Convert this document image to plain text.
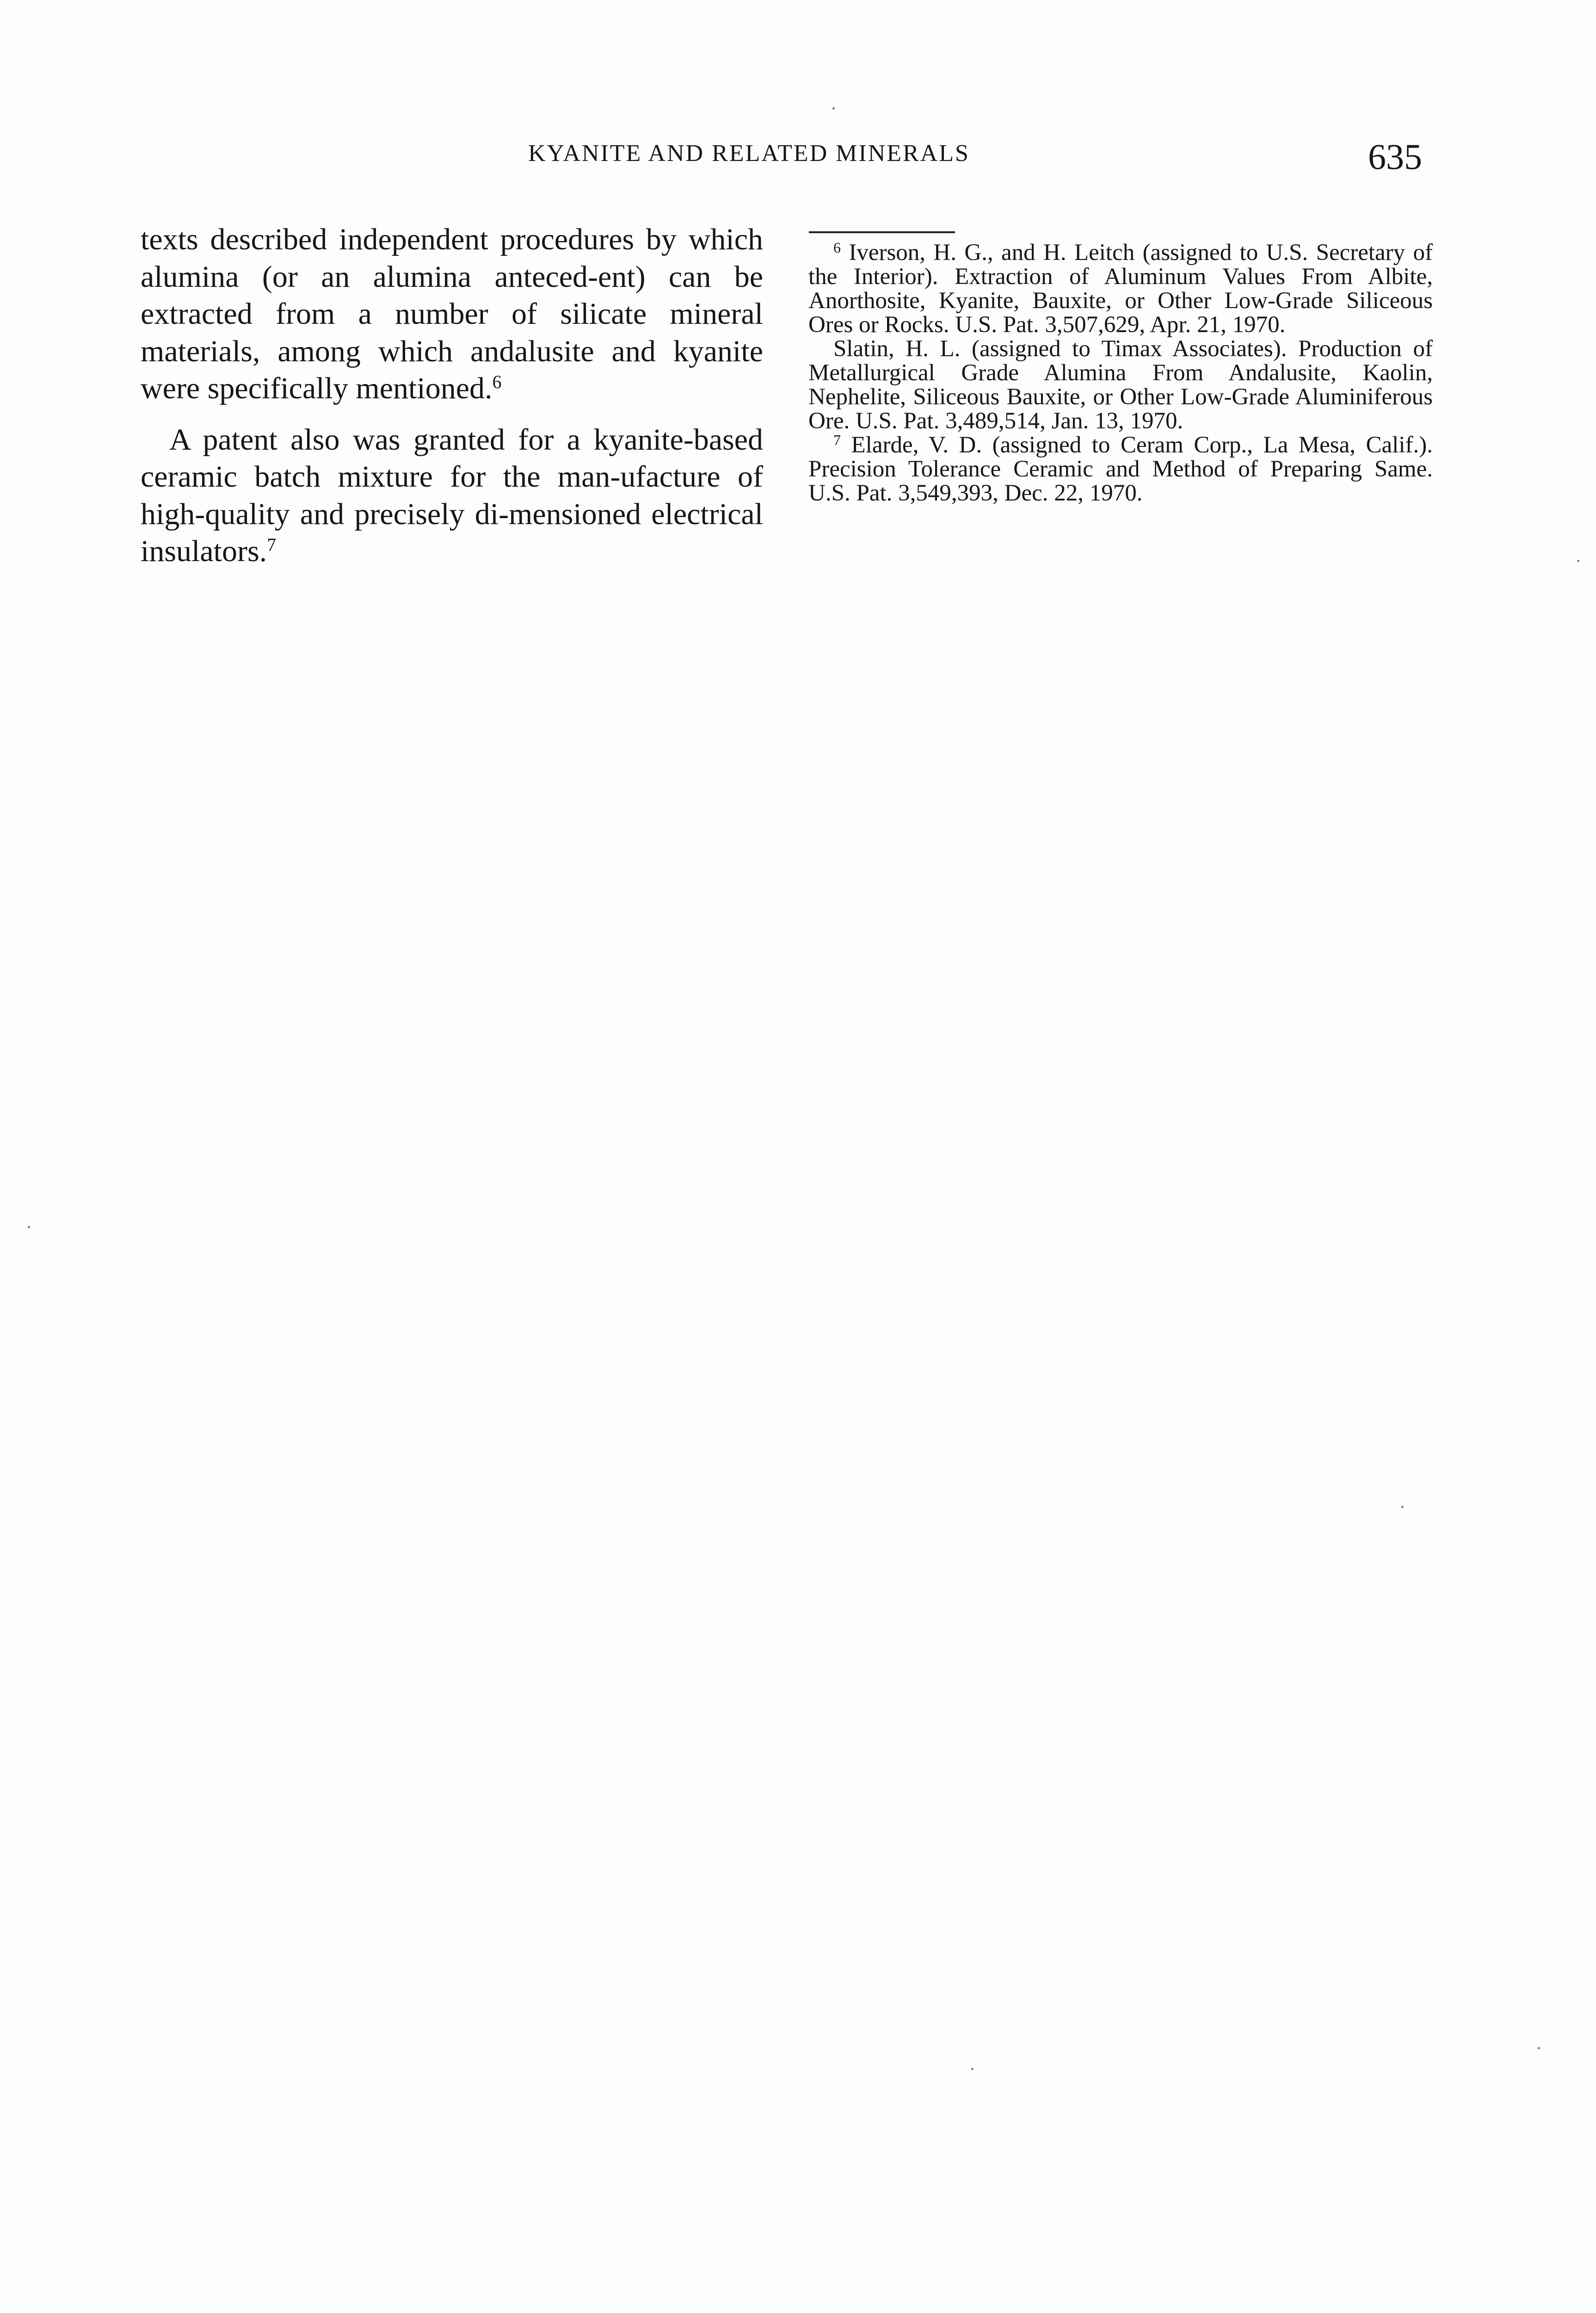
KYANITE AND RELATED MINERALS	635

texts described independent procedures by which alumina (or an alumina anteced-ent) can be extracted from a number of silicate mineral materials, among which andalusite and kyanite were specifically mentioned.$^6$

A patent also was granted for a kyanite-based ceramic batch mixture for the man-ufacture of high-quality and precisely di-mensioned electrical insulators.$^7$

$^6$ Iverson, H. G., and H. Leitch (assigned to U.S. Secretary of the Interior). Extraction of Aluminum Values From Albite, Anorthosite, Kyanite, Bauxite, or Other Low-Grade Siliceous Ores or Rocks. U.S. Pat. 3,507,629, Apr. 21, 1970.

Slatin, H. L. (assigned to Timax Associates). Production of Metallurgical Grade Alumina From Andalusite, Kaolin, Nephelite, Siliceous Bauxite, or Other Low-Grade Aluminiferous Ore. U.S. Pat. 3,489,514, Jan. 13, 1970.

$^7$ Elarde, V. D. (assigned to Ceram Corp., La Mesa, Calif.). Precision Tolerance Ceramic and Method of Preparing Same. U.S. Pat. 3,549,393, Dec. 22, 1970.
